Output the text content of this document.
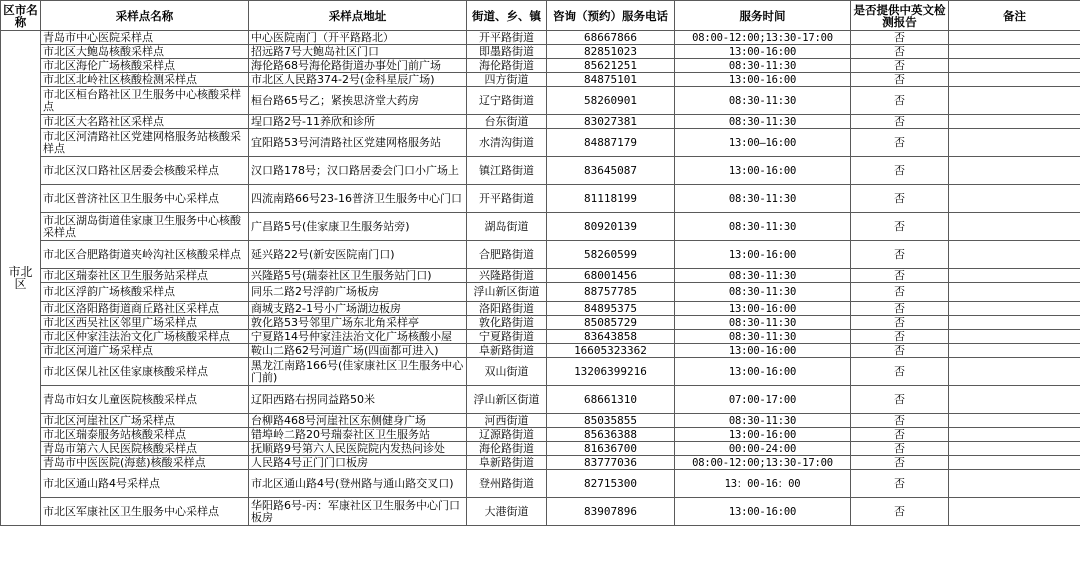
区市名称	采样点名称	采样点地址	街道、乡、镇	咨询（预约）服务电话	服务时间	是否提供中英文检测报告	备注
市北区	青岛市中心医院采样点	中心医院南门（开平路路北）	开平路街道	68667866	08:00-12:00;13:30-17:00	否	
	市北区大鲍岛核酸采样点	招远路7号大鲍岛社区门口	即墨路街道	82851023	13:00-16:00	否	
	市北区海伦广场核酸采样点	海伦路68号海伦路街道办事处门前广场	海伦路街道	85621251	08:30-11:30	否	
	市北区北岭社区核酸检测采样点	市北区人民路374-2号(金科星辰广场)	四方街道	84875101	13:00-16:00	否	
	市北区桓台路社区卫生服务中心核酸采样点	桓台路65号乙；紧挨思济堂大药房	辽宁路街道	58260901	08:30-11:30	否	
	市北区大名路社区采样点	埕口路2号-11养欣和诊所	台东街道	83027381	08:30-11:30	否	
	市北区河清路社区党建网格服务站核酸采样点	宜阳路53号河清路社区党建网格服务站	水清沟街道	84887179	13:00—16:00	否	
	市北区汉口路社区居委会核酸采样点	汉口路178号；汉口路居委会门口小广场上	镇江路街道	83645087	13:00-16:00	否	
	市北区普济社区卫生服务中心采样点	四流南路66号23-16普济卫生服务中心门口	开平路街道	81118199	08:30-11:30	否	
	市北区湖岛街道佳家康卫生服务中心核酸采样点	广昌路5号(佳家康卫生服务站旁)	湖岛街道	80920139	08:30-11:30	否	
	市北区合肥路街道夹岭沟社区核酸采样点	延兴路22号(新安医院南门口)	合肥路街道	58260599	13:00-16:00	否	
	市北区瑞泰社区卫生服务站采样点	兴隆路5号(瑞泰社区卫生服务站门口)	兴隆路街道	68001456	08:30-11:30	否	
	市北区浮韵广场核酸采样点	同乐二路2号浮韵广场板房	浮山新区街道	88757785	08:30-11:30	否	
	市北区洛阳路街道商丘路社区采样点	商城支路2-1号小广场湖边板房	洛阳路街道	84895375	13:00-16:00	否	
	市北区西吴社区邻里广场采样点	敦化路53号邻里广场东北角采样亭	敦化路街道	85085729	08:30-11:30	否	
	市北区仲家洼法治文化广场核酸采样点	宁夏路14号仲家洼法治文化广场核酸小屋	宁夏路街道	83643858	08:30-11:30	否	
	市北区河道广场采样点	鞍山二路62号河道广场(四面都可进入)	阜新路街道	16605323362	13:00-16:00	否	
	市北区保儿社区佳家康核酸采样点	黑龙江南路166号(佳家康社区卫生服务中心门前)	双山街道	13206399216	13:00-16:00	否	
	青岛市妇女儿童医院核酸采样点	辽阳西路右拐同益路50米	浮山新区街道	68661310	07:00-17:00	否	
	市北区河崖社区广场采样点	台柳路468号河崖社区东侧健身广场	河西街道	85035855	08:30-11:30	否	
	市北区瑞泰服务站核酸采样点	错埠岭二路20号瑞泰社区卫生服务站	辽源路街道	85636388	13:00-16:00	否	
	青岛市第六人民医院核酸采样点	抚顺路9号第六人民医院院内发热问诊处	海伦路街道	81636700	00:00-24:00	否	
	青岛市中医医院(海慈)核酸采样点	人民路4号正门门口板房	阜新路街道	83777036	08:00-12:00;13:30-17:00	否	
	市北区通山路4号采样点	市北区通山路4号(登州路与通山路交叉口)	登州路街道	82715300	13：00-16：00	否	
	市北区军康社区卫生服务中心采样点	华阳路6号-丙：军康社区卫生服务中心门口板房	大港街道	83907896	13:00-16:00	否	
